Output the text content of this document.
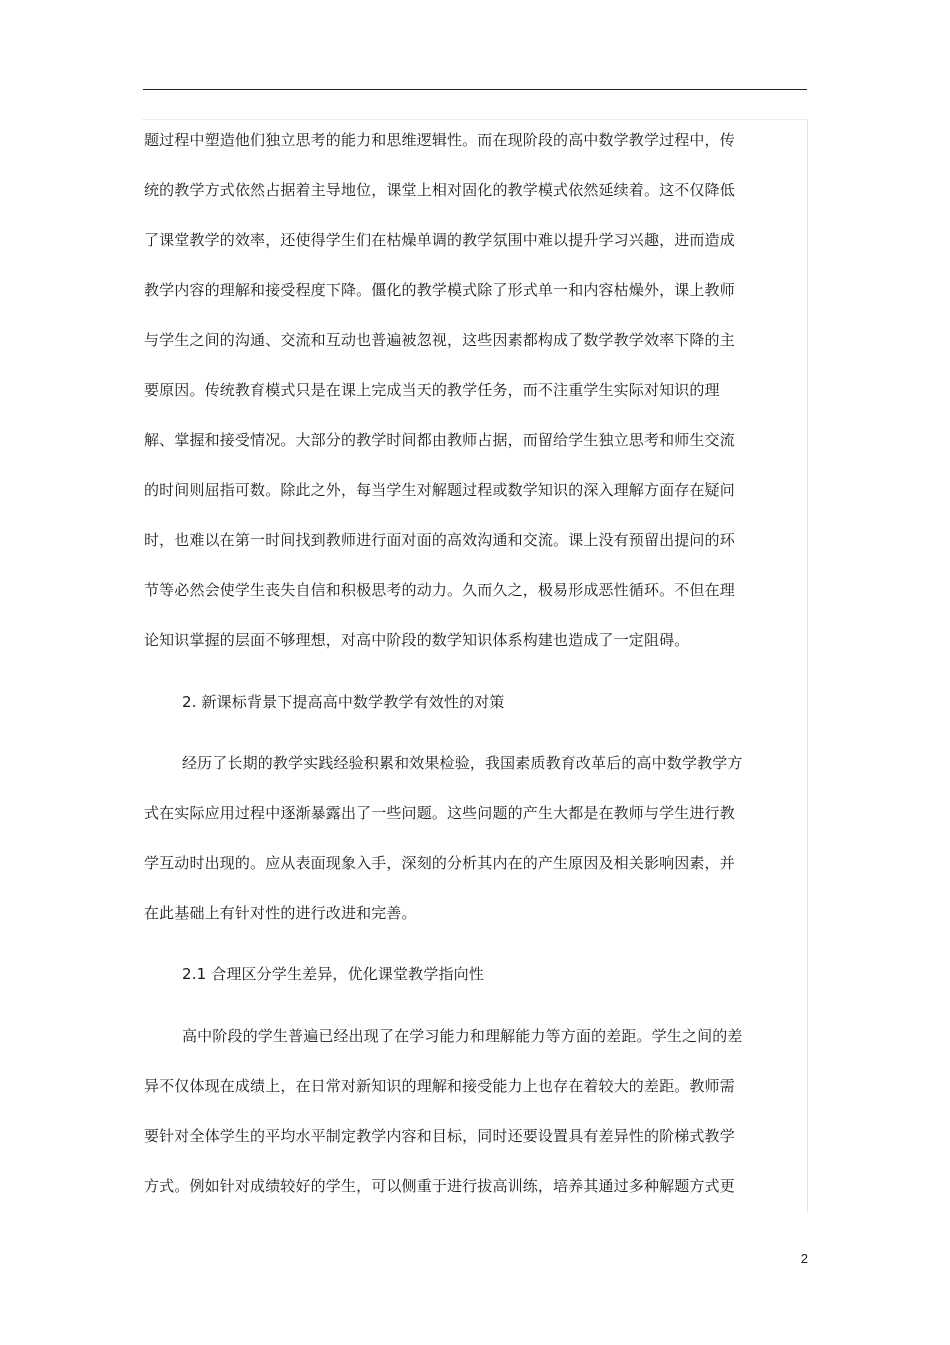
题过程中塑造他们独立思考的能力和思维逻辑性。而在现阶段的高中数学教学过程中，传
统的教学方式依然占据着主导地位，课堂上相对固化的教学模式依然延续着。这不仅降低
了课堂教学的效率，还使得学生们在枯燥单调的教学氛围中难以提升学习兴趣，进而造成
教学内容的理解和接受程度下降。僵化的教学模式除了形式单一和内容枯燥外，课上教师
与学生之间的沟通、交流和互动也普遍被忽视，这些因素都构成了数学教学效率下降的主
要原因。传统教育模式只是在课上完成当天的教学任务，而不注重学生实际对知识的理
解、掌握和接受情况。大部分的教学时间都由教师占据，而留给学生独立思考和师生交流
的时间则屈指可数。除此之外，每当学生对解题过程或数学知识的深入理解方面存在疑问
时，也难以在第一时间找到教师进行面对面的高效沟通和交流。课上没有预留出提问的环
节等必然会使学生丧失自信和积极思考的动力。久而久之，极易形成恶性循环。不但在理
论知识掌握的层面不够理想，对高中阶段的数学知识体系构建也造成了一定阻碍。
2. 新课标背景下提高高中数学教学有效性的对策
经历了长期的教学实践经验积累和效果检验，我国素质教育改革后的高中数学教学方
式在实际应用过程中逐渐暴露出了一些问题。这些问题的产生大都是在教师与学生进行教
学互动时出现的。应从表面现象入手，深刻的分析其内在的产生原因及相关影响因素，并
在此基础上有针对性的进行改进和完善。
2.1 合理区分学生差异，优化课堂教学指向性
高中阶段的学生普遍已经出现了在学习能力和理解能力等方面的差距。学生之间的差
异不仅体现在成绩上，在日常对新知识的理解和接受能力上也存在着较大的差距。教师需
要针对全体学生的平均水平制定教学内容和目标，同时还要设置具有差异性的阶梯式教学
方式。例如针对成绩较好的学生，可以侧重于进行拔高训练，培养其通过多种解题方式更
2
